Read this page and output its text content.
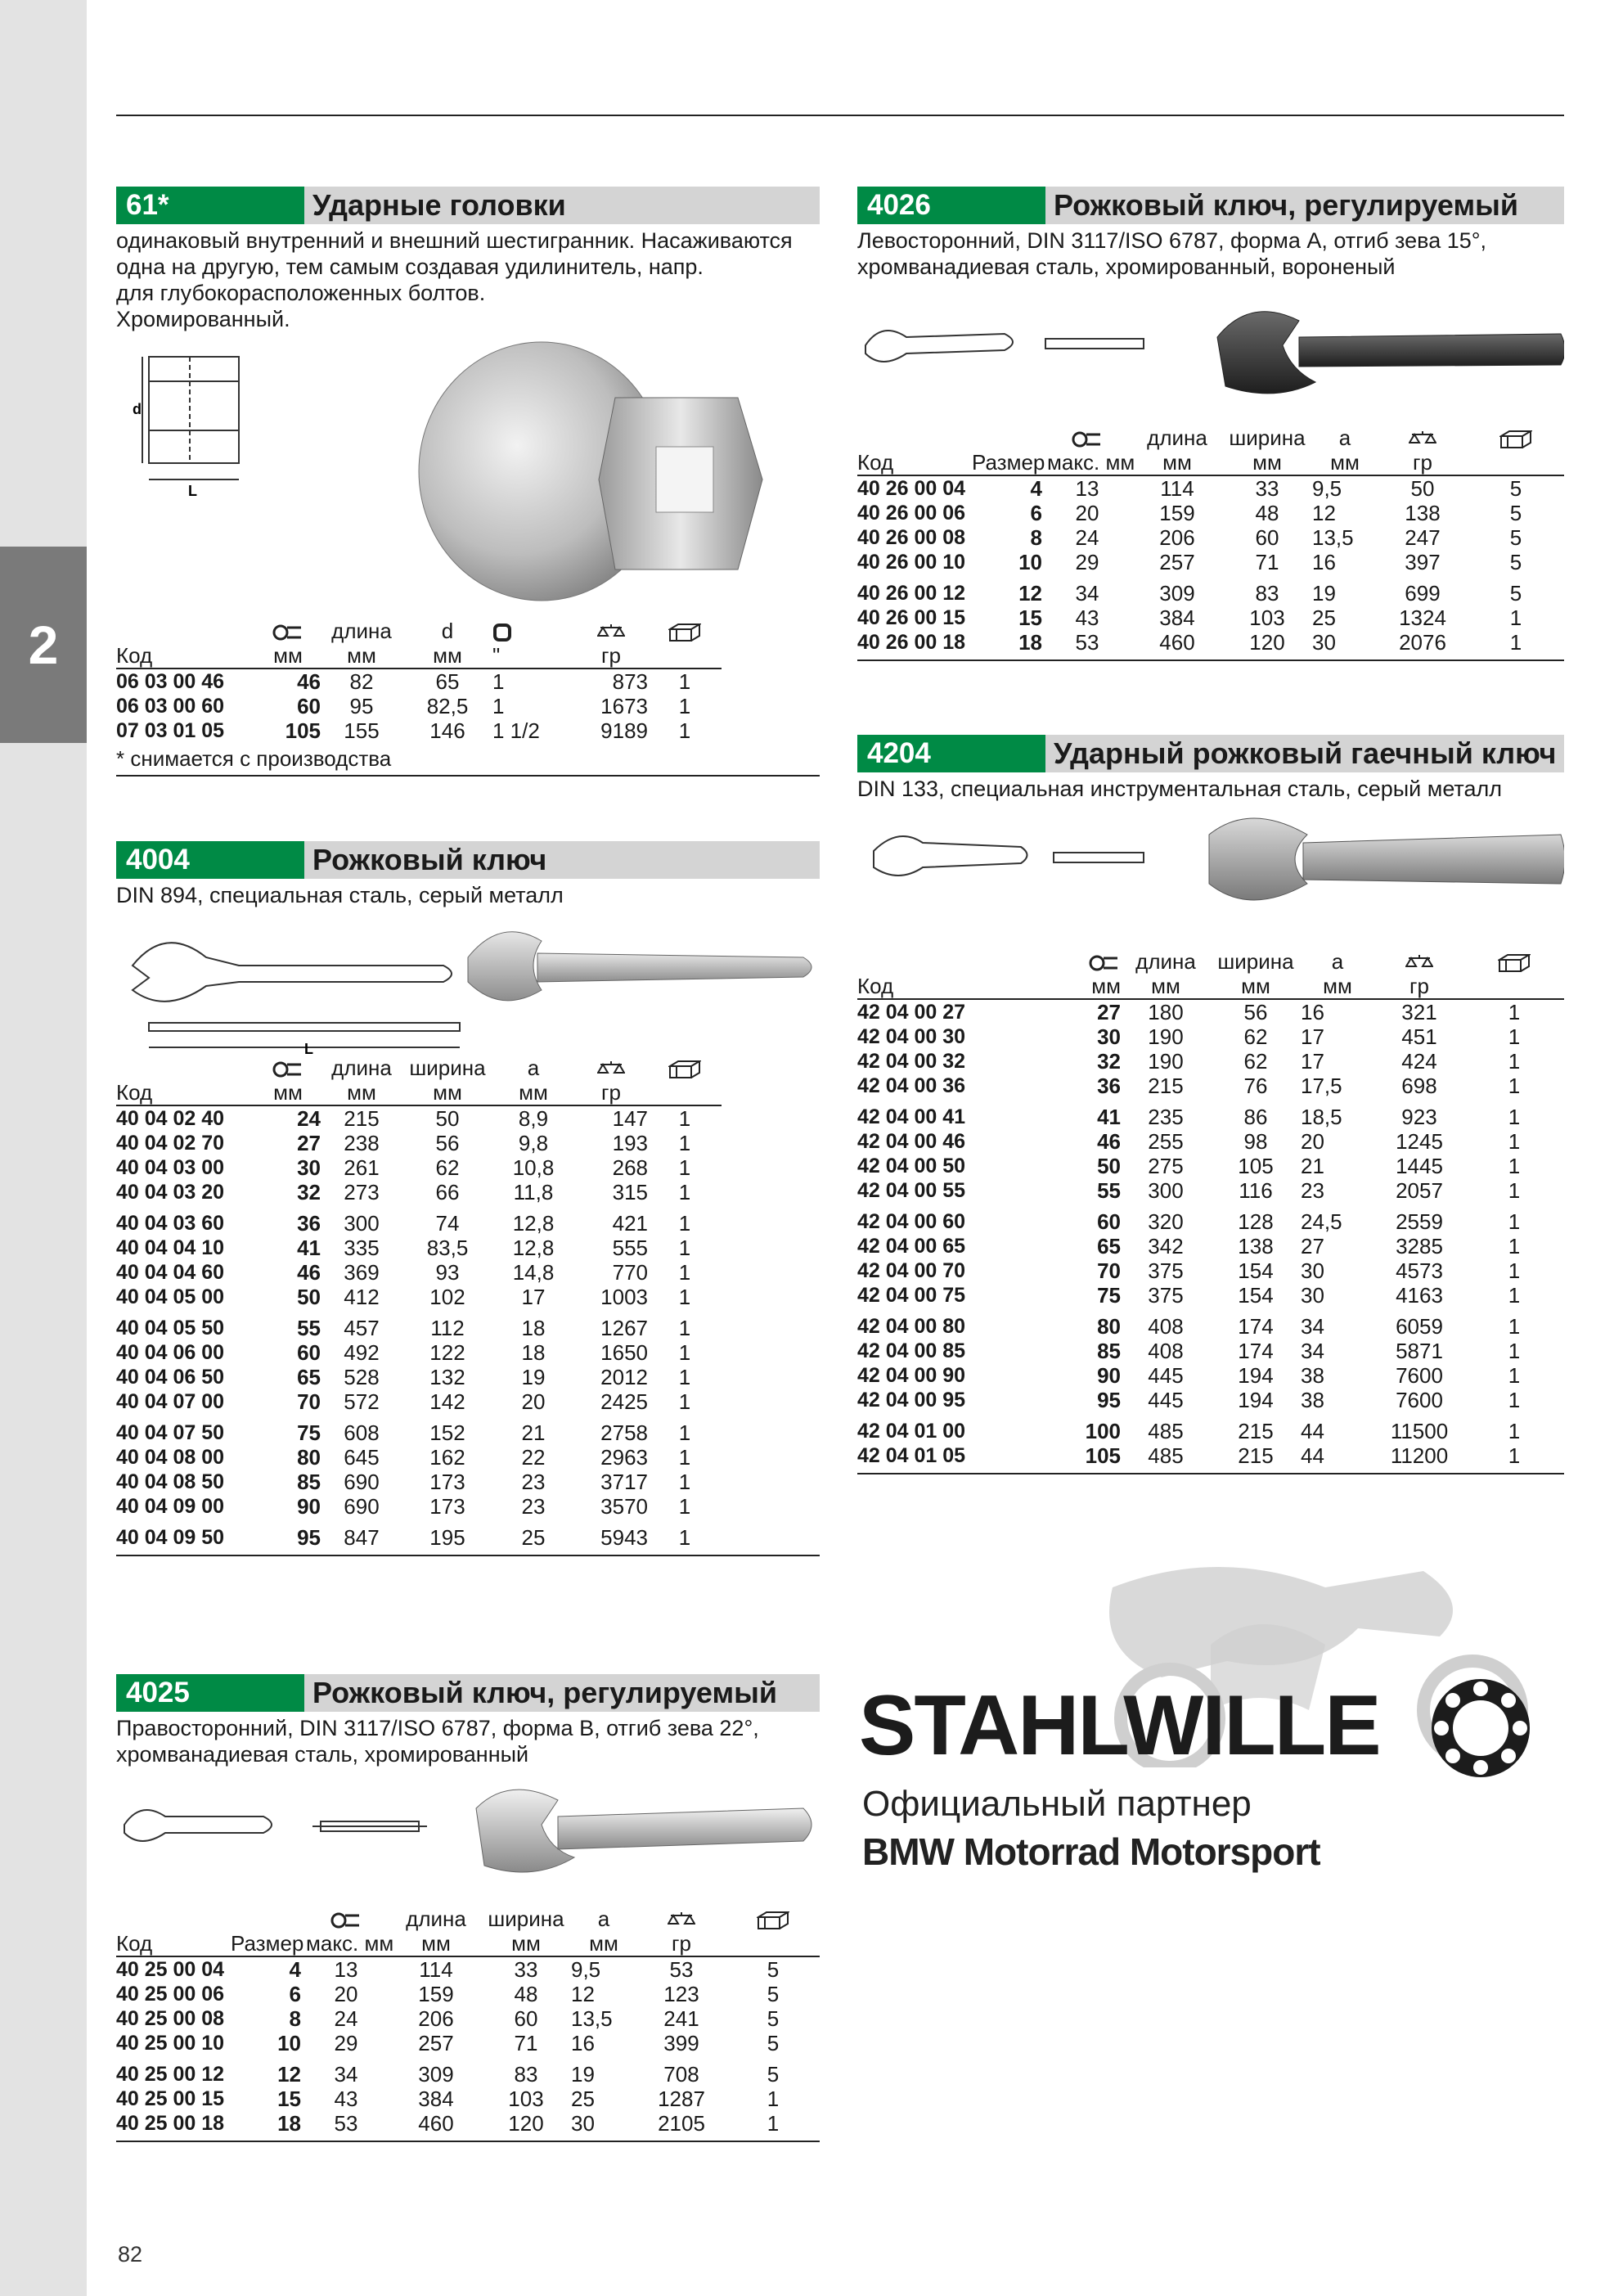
2
61*	Ударные головки
одинаковый внутренний и внешний шестигранник. Насаживаются
одна на другую, тем самым создавая удилинитель, напр.
для глубокорасположенных болтов.
Хромированный.
d
L
		длина	d			
Код	мм	мм	мм	"	гр	
06 03 00 46	46	82	65	1	873	1
06 03 00 60	60	95	82,5	1	1673	1
07 03 01 05	105	155	146	1 1/2	9189	1
* снимается с производства
4004	Рожковый ключ
DIN 894, специальная сталь, серый металл
L
		длина	ширина	a		
Код	мм	мм	мм	мм	гр	
40 04 02 40	24	215	50	8,9	147	1
40 04 02 70	27	238	56	9,8	193	1
40 04 03 00	30	261	62	10,8	268	1
40 04 03 20	32	273	66	11,8	315	1
40 04 03 60	36	300	74	12,8	421	1
40 04 04 10	41	335	83,5	12,8	555	1
40 04 04 60	46	369	93	14,8	770	1
40 04 05 00	50	412	102	17	1003	1
40 04 05 50	55	457	112	18	1267	1
40 04 06 00	60	492	122	18	1650	1
40 04 06 50	65	528	132	19	2012	1
40 04 07 00	70	572	142	20	2425	1
40 04 07 50	75	608	152	21	2758	1
40 04 08 00	80	645	162	22	2963	1
40 04 08 50	85	690	173	23	3717	1
40 04 09 00	90	690	173	23	3570	1
40 04 09 50	95	847	195	25	5943	1
4025	Рожковый ключ, регулируемый
Правосторонний, DIN 3117/ISO 6787, форма B, отгиб зева 22°,
хромванадиевая сталь, хромированный
			длина	ширина	a		
Код	Размер	макс. мм	мм	мм	мм	гр	
40 25 00 04	4	13	114	33	9,5	53	5
40 25 00 06	6	20	159	48	12	123	5
40 25 00 08	8	24	206	60	13,5	241	5
40 25 00 10	10	29	257	71	16	399	5
40 25 00 12	12	34	309	83	19	708	5
40 25 00 15	15	43	384	103	25	1287	1
40 25 00 18	18	53	460	120	30	2105	1
4026	Рожковый ключ, регулируемый
Левосторонний, DIN 3117/ISO 6787, форма A, отгиб зева 15°,
хромванадиевая сталь, хромированный, вороненый
			длина	ширина	a		
Код	Размер	макс. мм	мм	мм	мм	гр	
40 26 00 04	4	13	114	33	9,5	50	5
40 26 00 06	6	20	159	48	12	138	5
40 26 00 08	8	24	206	60	13,5	247	5
40 26 00 10	10	29	257	71	16	397	5
40 26 00 12	12	34	309	83	19	699	5
40 26 00 15	15	43	384	103	25	1324	1
40 26 00 18	18	53	460	120	30	2076	1
4204	Ударный рожковый гаечный ключ
DIN 133, специальная инструментальная сталь, серый металл
		длина	ширина	a		
Код	мм	мм	мм	мм	гр	
42 04 00 27	27	180	56	16	321	1
42 04 00 30	30	190	62	17	451	1
42 04 00 32	32	190	62	17	424	1
42 04 00 36	36	215	76	17,5	698	1
42 04 00 41	41	235	86	18,5	923	1
42 04 00 46	46	255	98	20	1245	1
42 04 00 50	50	275	105	21	1445	1
42 04 00 55	55	300	116	23	2057	1
42 04 00 60	60	320	128	24,5	2559	1
42 04 00 65	65	342	138	27	3285	1
42 04 00 70	70	375	154	30	4573	1
42 04 00 75	75	375	154	30	4163	1
42 04 00 80	80	408	174	34	6059	1
42 04 00 85	85	408	174	34	5871	1
42 04 00 90	90	445	194	38	7600	1
42 04 00 95	95	445	194	38	7600	1
42 04 01 00	100	485	215	44	11500	1
42 04 01 05	105	485	215	44	11200	1
STAHLWILLE
Официальный партнер
BMW Motorrad Motorsport
82
